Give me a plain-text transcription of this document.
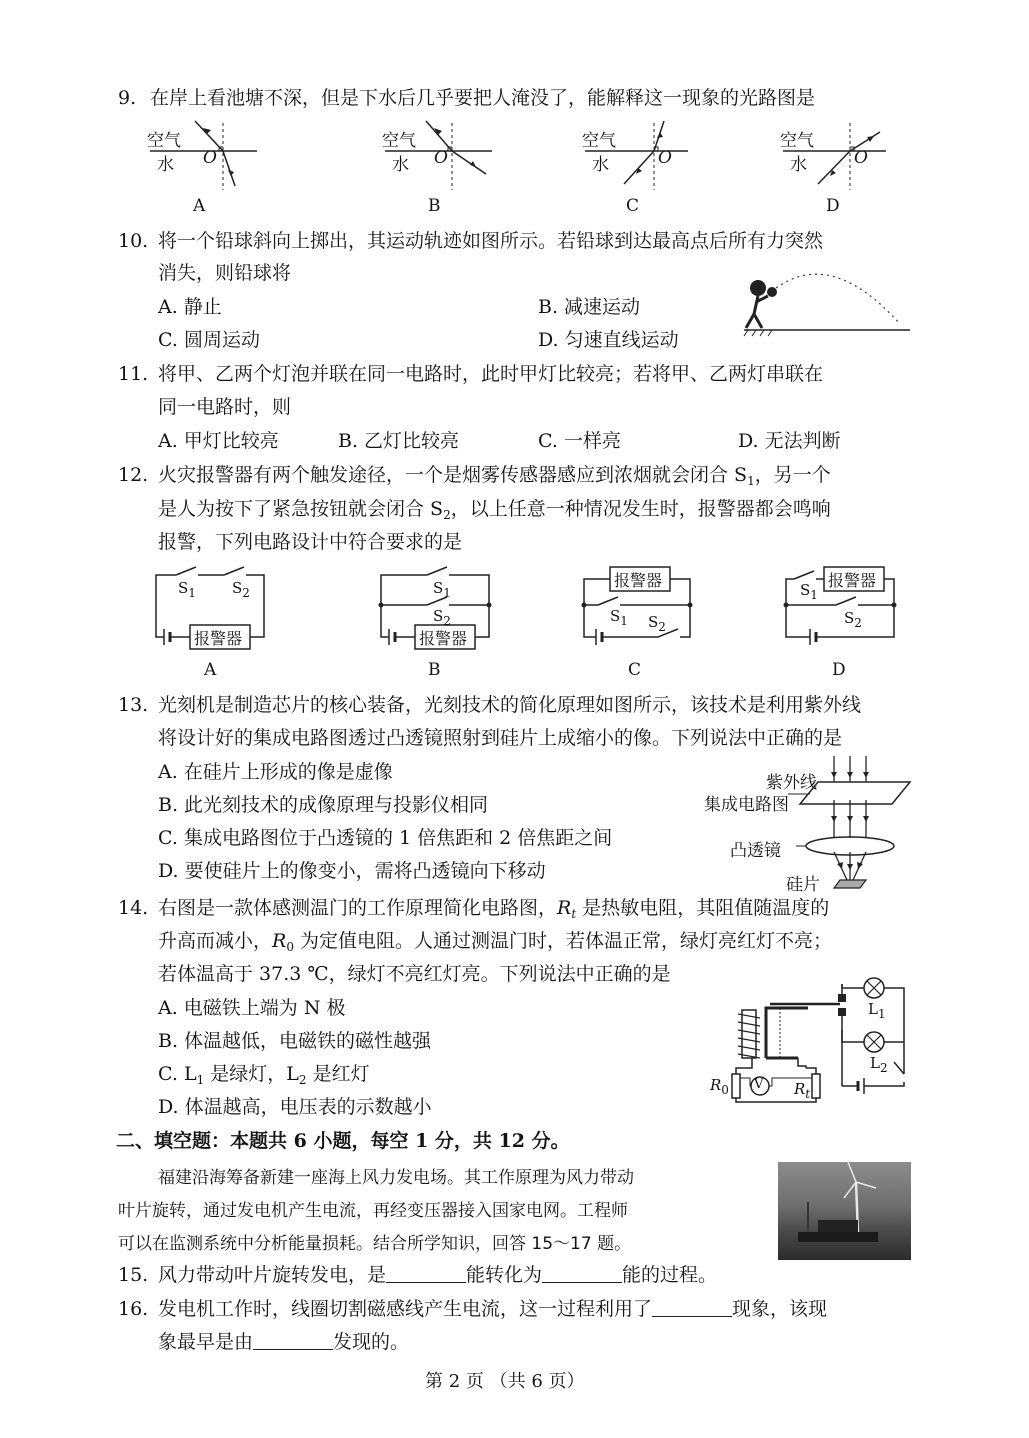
9. 在岸上看池塘不深，但是下水后几乎要把人淹没了，能解释这一现象的光路图是
空气
水 O
A
空气
水 O
B
空气
水	O
C
空气
水	O
D
10. 将一个铅球斜向上掷出，其运动轨迹如图所示。若铅球到达最高点后所有力突然
消失，则铅球将
A. 静止	B. 减速运动
C. 圆周运动	D. 匀速直线运动
11. 将甲、乙两个灯泡并联在同一电路时，此时甲灯比较亮；若将甲、乙两灯串联在
同一电路时，则
A. 甲灯比较亮	B. 乙灯比较亮	C. 一样亮	D. 无法判断
12. 火灾报警器有两个触发途径，一个是烟雾传感器感应到浓烟就会闭合 $S_1$，另一个
是人为按下了紧急按钮就会闭合 $S_2$，以上任意一种情况发生时，报警器都会鸣响
报警，下列电路设计中符合要求的是
报警器
$S_1$ $S_2$
A
报警器
$S_1$
$S_2$
B
报警器
$S_1$ $S_2$
C
报警器
$S_1$
$S_2$
D
13. 光刻机是制造芯片的核心装备，光刻技术的简化原理如图所示，该技术是利用紫外线
将设计好的集成电路图透过凸透镜照射到硅片上成缩小的像。下列说法中正确的是
A. 在硅片上形成的像是虚像
B. 此光刻技术的成像原理与投影仪相同
C. 集成电路图位于凸透镜的 1 倍焦距和 2 倍焦距之间
D. 要使硅片上的像变小，需将凸透镜向下移动
紫外线
集成电路图
凸透镜
硅片
14. 右图是一款体感测温门的工作原理简化电路图，$R_t$ 是热敏电阻，其阻值随温度的
升高而减小，$R_0$ 为定值电阻。人通过测温门时，若体温正常，绿灯亮红灯不亮；
若体温高于 37.3 ℃，绿灯不亮红灯亮。下列说法中正确的是
A. 电磁铁上端为 N 极
B. 体温越低，电磁铁的磁性越强
C. $L_1$ 是绿灯，$L_2$ 是红灯
D. 体温越高，电压表的示数越小
V
$R_0$	$R_t$
$L_1$
$L_2$
二、填空题：本题共 6 小题，每空 1 分，共 12 分。
福建沿海筹备新建一座海上风力发电场。其工作原理为风力带动
叶片旋转，通过发电机产生电流，再经变压器接入国家电网。工程师
可以在监测系统中分析能量损耗。结合所学知识，回答 15～17 题。
15. 风力带动叶片旋转发电，是	能转化为	能的过程。
16. 发电机工作时，线圈切割磁感线产生电流，这一过程利用了	现象，该现
象最早是由	发现的。
第 2 页 （共 6 页）
